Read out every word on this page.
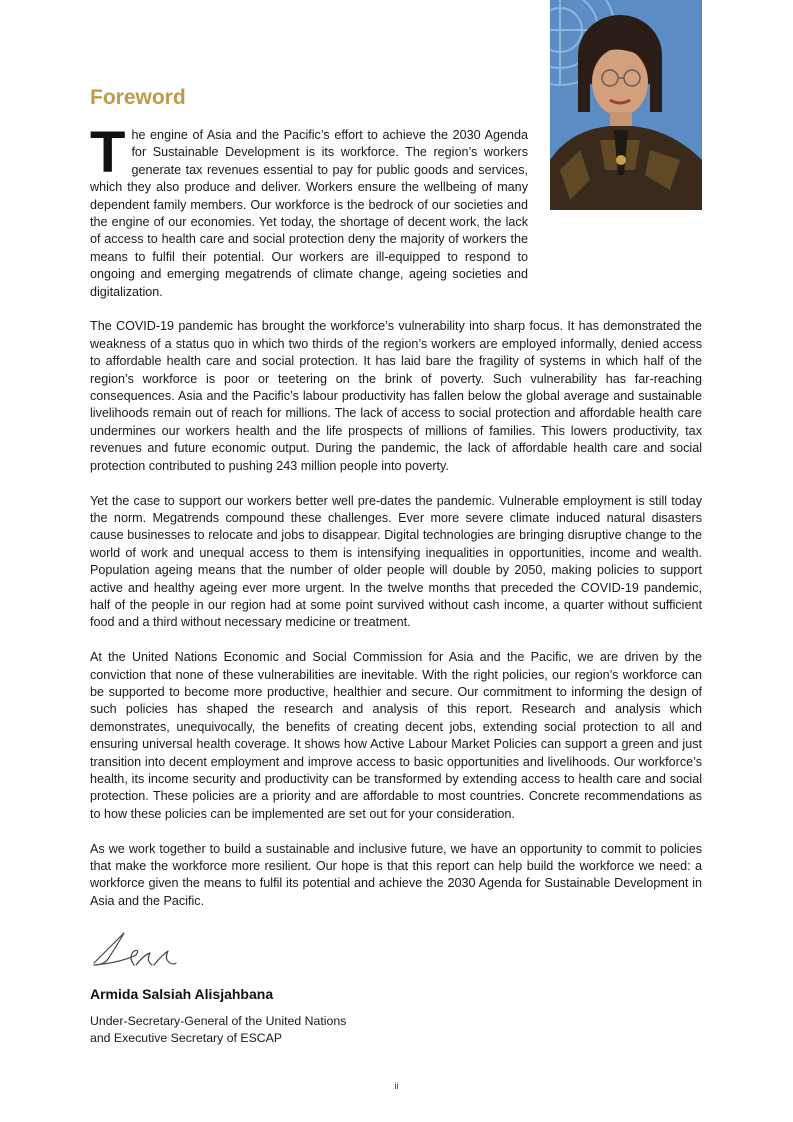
Foreword

The engine of Asia and the Pacific’s effort to achieve the 2030 Agenda for Sustainable Development is its workforce. The region’s workers generate tax revenues essential to pay for public goods and services, which they also produce and deliver. Workers ensure the wellbeing of many dependent family members. Our workforce is the bedrock of our societies and the engine of our economies. Yet today, the shortage of decent work, the lack of access to health care and social protection deny the majority of workers the means to fulfil their potential. Our workers are ill-equipped to respond to ongoing and emerging megatrends of climate change, ageing societies and digitalization.

The COVID-19 pandemic has brought the workforce’s vulnerability into sharp focus. It has demonstrated the weakness of a status quo in which two thirds of the region’s workers are employed informally, denied access to affordable health care and social protection. It has laid bare the fragility of systems in which half of the region’s workforce is poor or teetering on the brink of poverty. Such vulnerability has far-reaching consequences. Asia and the Pacific’s labour productivity has fallen below the global average and sustainable livelihoods remain out of reach for millions. The lack of access to social protection and affordable health care undermines our workers health and the life prospects of millions of families. This lowers productivity, tax revenues and future economic output. During the pandemic, the lack of affordable health care and social protection contributed to pushing 243 million people into poverty.

Yet the case to support our workers better well pre-dates the pandemic. Vulnerable employment is still today the norm. Megatrends compound these challenges. Ever more severe climate induced natural disasters cause businesses to relocate and jobs to disappear. Digital technologies are bringing disruptive change to the world of work and unequal access to them is intensifying inequalities in opportunities, income and wealth. Population ageing means that the number of older people will double by 2050, making policies to support active and healthy ageing ever more urgent. In the twelve months that preceded the COVID-19 pandemic, half of the people in our region had at some point survived without cash income, a quarter without sufficient food and a third without necessary medicine or treatment.

At the United Nations Economic and Social Commission for Asia and the Pacific, we are driven by the conviction that none of these vulnerabilities are inevitable. With the right policies, our region’s workforce can be supported to become more productive, healthier and secure. Our commitment to informing the design of such policies has shaped the research and analysis of this report. Research and analysis which demonstrates, unequivocally, the benefits of creating decent jobs, extending social protection to all and ensuring universal health coverage. It shows how Active Labour Market Policies can support a green and just transition into decent employment and improve access to basic opportunities and livelihoods. Our workforce’s health, its income security and productivity can be transformed by extending access to health care and social protection. These policies are a priority and are affordable to most countries. Concrete recommendations as to how these policies can be implemented are set out for your consideration.

As we work together to build a sustainable and inclusive future, we have an opportunity to commit to policies that make the workforce more resilient. Our hope is that this report can help build the workforce we need: a workforce given the means to fulfil its potential and achieve the 2030 Agenda for Sustainable Development in Asia and the Pacific.

Armida Salsiah Alisjahbana
Under-Secretary-General of the United Nations
and Executive Secretary of ESCAP
ii
